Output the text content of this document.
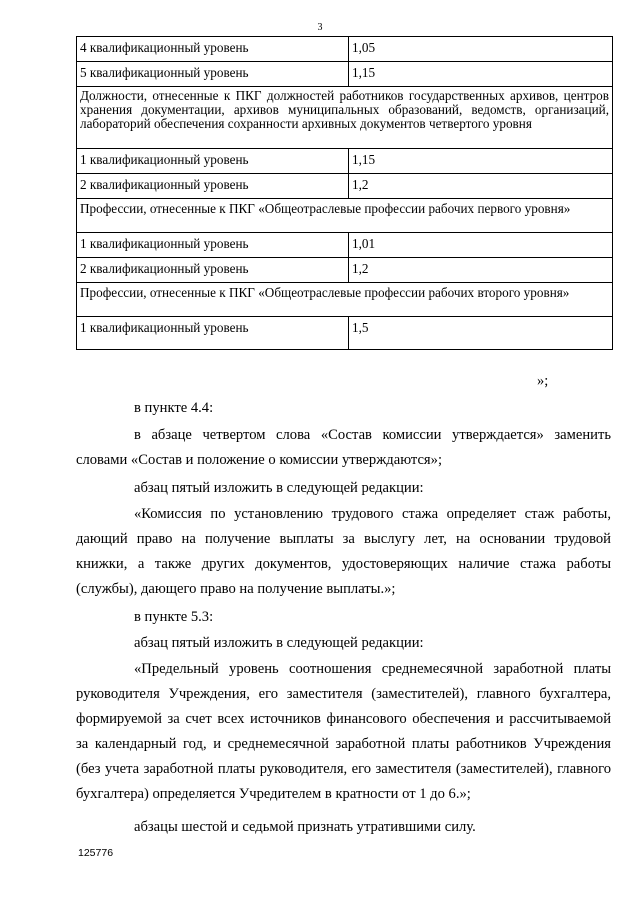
3
4 квалификационный уровень	1,05
5 квалификационный уровень	1,15
Должности, отнесенные к ПКГ должностей работников государственных архивов, центров хранения документации, архивов муниципальных образований, ведомств, организаций, лабораторий обеспечения сохранности архивных документов четвертого уровня	
1 квалификационный уровень	1,15
2 квалификационный уровень	1,2
Профессии, отнесенные к ПКГ «Общеотраслевые профессии рабочих первого уровня»	
1 квалификационный уровень	1,01
2 квалификационный уровень	1,2
Профессии, отнесенные к ПКГ «Общеотраслевые профессии рабочих второго уровня»	
1 квалификационный уровень	1,5
»;
в пункте 4.4:
в абзаце четвертом слова «Состав комиссии утверждается» заменить словами «Состав и положение о комиссии утверждаются»;
абзац пятый изложить в следующей редакции:
«Комиссия по установлению трудового стажа определяет стаж работы, дающий право на получение выплаты за выслугу лет, на основании трудовой книжки, а также других документов, удостоверяющих наличие стажа работы (службы), дающего право на получение выплаты.»;
в пункте 5.3:
абзац пятый изложить в следующей редакции:
«Предельный уровень соотношения среднемесячной заработной платы руководителя Учреждения, его заместителя (заместителей), главного бухгалтера, формируемой за счет всех источников финансового обеспечения и рассчитываемой за календарный год, и среднемесячной заработной платы работников Учреждения (без учета заработной платы руководителя, его заместителя (заместителей), главного бухгалтера) определяется Учредителем в кратности от 1 до 6.»;
абзацы шестой и седьмой признать утратившими силу.
125776
